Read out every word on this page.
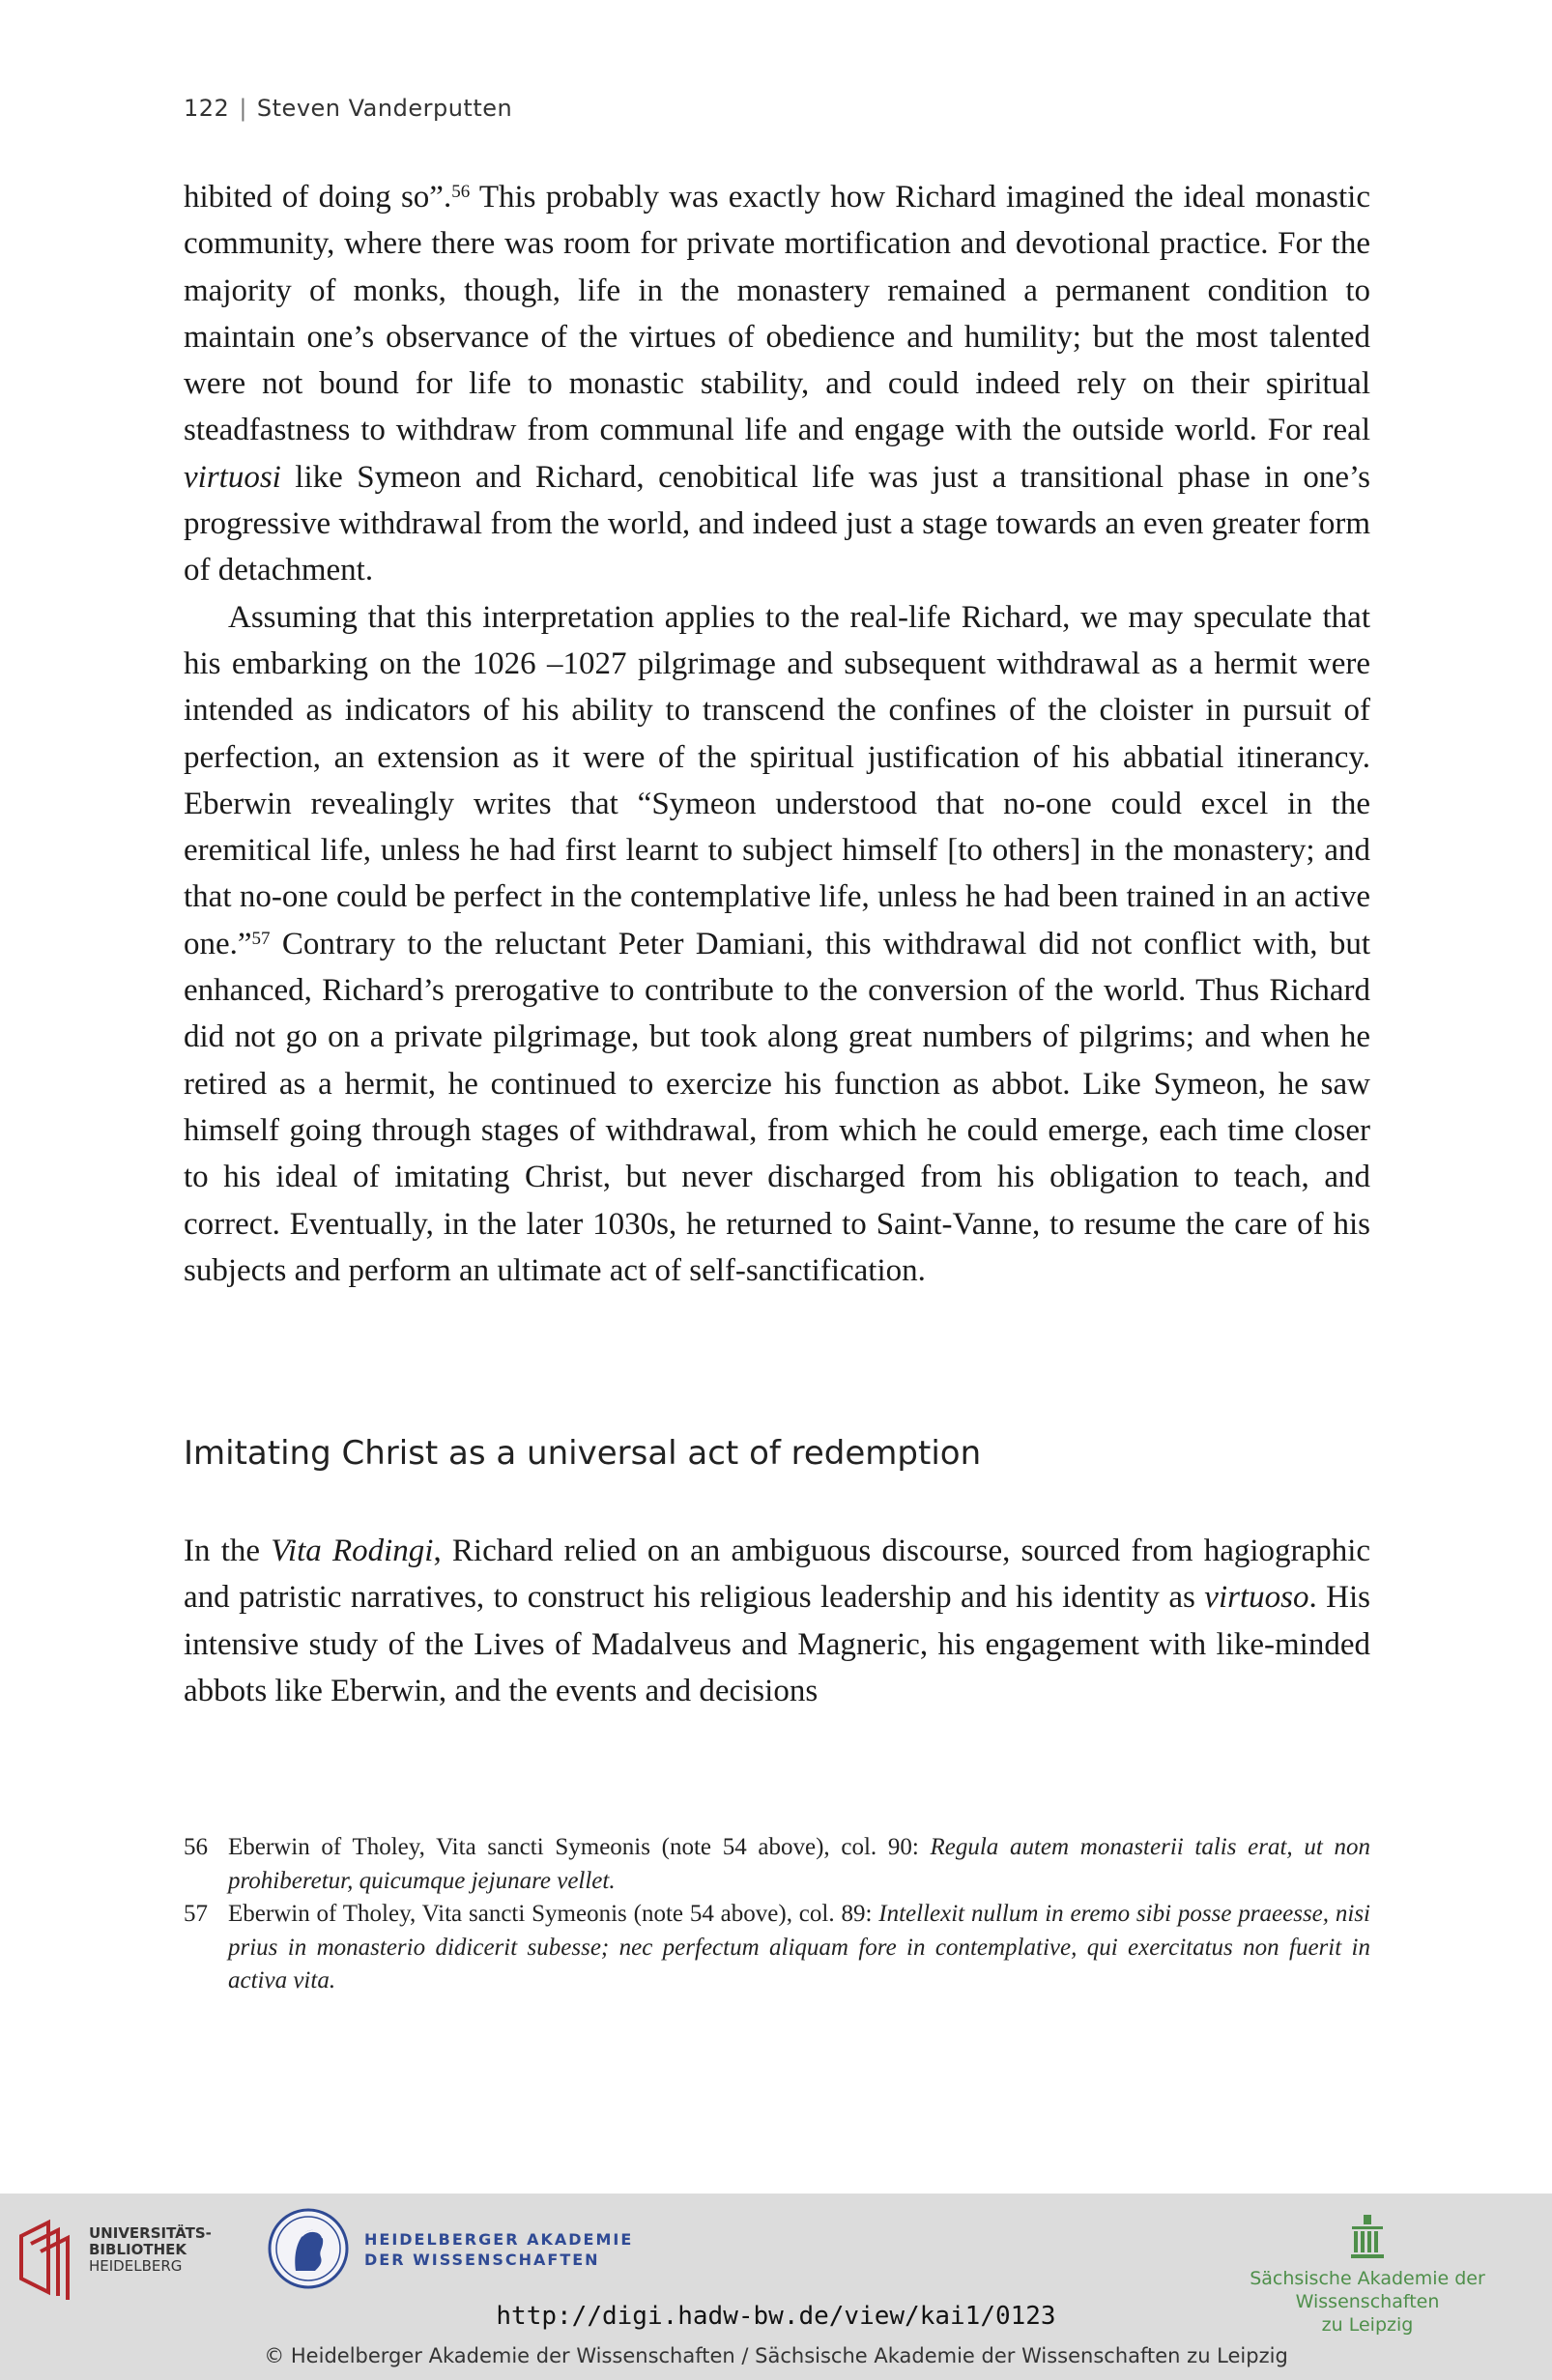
122 | Steven Vanderputten

hibited of doing so”.$^{56}$ This probably was exactly how Richard imagined the ideal monastic community, where there was room for private mortification and devotional practice. For the majority of monks, though, life in the monastery remained a permanent condition to maintain one’s observance of the virtues of obedience and humility; but the most talented were not bound for life to monastic stability, and could indeed rely on their spiritual steadfastness to withdraw from communal life and engage with the outside world. For real virtuosi like Symeon and Richard, cenobitical life was just a transitional phase in one’s progressive withdrawal from the world, and indeed just a stage towards an even greater form of detachment.

Assuming that this interpretation applies to the real-life Richard, we may speculate that his embarking on the 1026 –1027 pilgrimage and subsequent withdrawal as a hermit were intended as indicators of his ability to transcend the confines of the cloister in pursuit of perfection, an extension as it were of the spiritual justification of his abbatial itinerancy. Eberwin revealingly writes that “Symeon understood that no-one could excel in the eremitical life, unless he had first learnt to subject himself [to others] in the monastery; and that no-one could be perfect in the contemplative life, unless he had been trained in an active one.”$^{57}$ Contrary to the reluctant Peter Damiani, this withdrawal did not conflict with, but enhanced, Richard’s prerogative to contribute to the conversion of the world. Thus Richard did not go on a private pilgrimage, but took along great numbers of pilgrims; and when he retired as a hermit, he continued to exercize his function as abbot. Like Symeon, he saw himself going through stages of withdrawal, from which he could emerge, each time closer to his ideal of imitating Christ, but never discharged from his obligation to teach, and correct. Eventually, in the later 1030s, he returned to Saint-Vanne, to resume the care of his subjects and perform an ultimate act of self-sanctification.

Imitating Christ as a universal act of redemption

In the Vita Rodingi, Richard relied on an ambiguous discourse, sourced from hagiographic and patristic narratives, to construct his religious leadership and his identity as virtuoso. His intensive study of the Lives of Madalveus and Magneric, his engagement with like-minded abbots like Eberwin, and the events and decisions

56 Eberwin of Tholey, Vita sancti Symeonis (note 54 above), col. 90: Regula autem monasterii talis erat, ut non prohiberetur, quicumque jejunare vellet.
57 Eberwin of Tholey, Vita sancti Symeonis (note 54 above), col. 89: Intellexit nullum in eremo sibi posse praeesse, nisi prius in monasterio didicerit subesse; nec perfectum aliquam fore in contemplative, qui exercitatus non fuerit in activa vita.
UNIVERSITÄTS-
BIBLIOTHEK
HEIDELBERG
HEIDELBERGER AKADEMIE
DER WISSENSCHAFTEN
Sächsische Akademie der Wissenschaften
zu Leipzig
http://digi.hadw-bw.de/view/kai1/0123
© Heidelberger Akademie der Wissenschaften / Sächsische Akademie der Wissenschaften zu Leipzig
